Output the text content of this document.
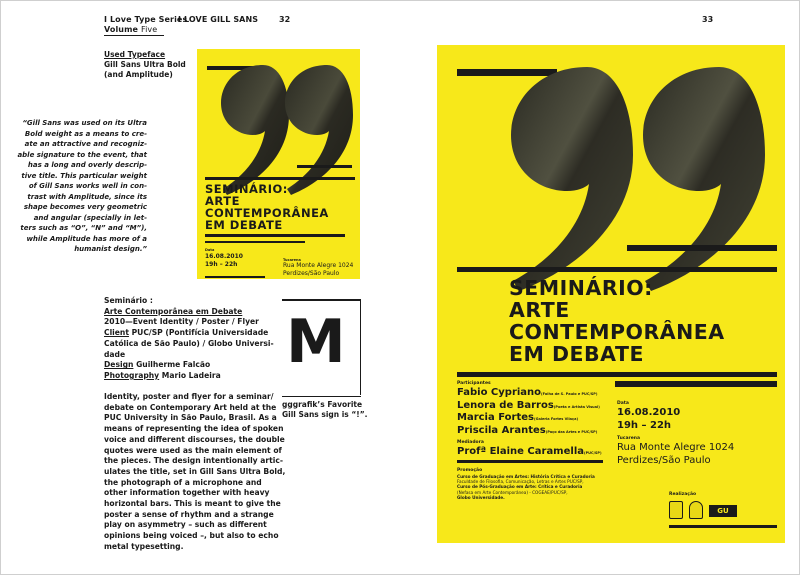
I Love Type Series
Volume Five
I LOVE GILL SANS	32	33
Used Typeface
Gill Sans Ultra Bold
(and Amplitude)
“Gill Sans was used on its Ultra
Bold weight as a means to cre-
ate an attractive and recogniz-
able signature to the event, that
has a long and overly descrip-
tive title. This particular weight
of Gill Sans works well in con-
trast with Amplitude, since its
shape becomes very geometric
and angular (specially in let-
ters such as “O”, “N” and “M”),
while Amplitude has more of a
humanist design.”
SEMINÁRIO:
ARTE
CONTEMPORÂNEA
EM DEBATE
Data
16.08.2010
19h – 22h
Tucarena
Rua Monte Alegre 1024
Perdizes/São Paulo
Seminário :
Arte Contemporânea em Debate
2010—Event Identity / Poster / Flyer
Client PUC/SP (Pontifícia Universidade
Católica de São Paulo) / Globo Universi-
dade
Design Guilherme Falcão
Photography Mario Ladeira
Identity, poster and flyer for a seminar/
debate on Contemporary Art held at the
PUC University in São Paulo, Brasil. As a
means of representing the idea of spoken
voice and different discourses, the double
quotes were used as the main element of
the pieces. The design intentionally artic-
ulates the title, set in Gill Sans Ultra Bold,
the photograph of a microphone and
other information together with heavy
horizontal bars. This is meant to give the
poster a sense of rhythm and a strange
play on asymmetry – such as different
opinions being voiced –, but also to echo
metal typesetting.
M
gggrafik’s Favorite
Gill Sans sign is “!”.
SEMINÁRIO:
ARTE
CONTEMPORÂNEA
EM DEBATE
Participantes
Fabio Cypriano(Folha de S. Paulo e PUC/SP)
Lenora de Barros(Poeta e Artista Visual)
Marcia Fortes(Galeria Fortes Vilaça)
Priscila Arantes(Paço das Artes e PUC/SP)
Mediadora
Profª Elaine Caramella(PUC/SP)
Data
16.08.2010
19h – 22h
Tucarena
Rua Monte Alegre 1024
Perdizes/São Paulo
Promoção
Curso de Graduação em Artes: História Crítica e Curadoria
Faculdade de Filosofia, Comunicação, Letras e Artes PUC/SP,
Curso de Pós-Graduação em Arte: Crítica e Curadoria
(Nefasa em Arte Contemporânea) - COGEAE/PUC/SP,
Globo Universidade.
Realização
GU
